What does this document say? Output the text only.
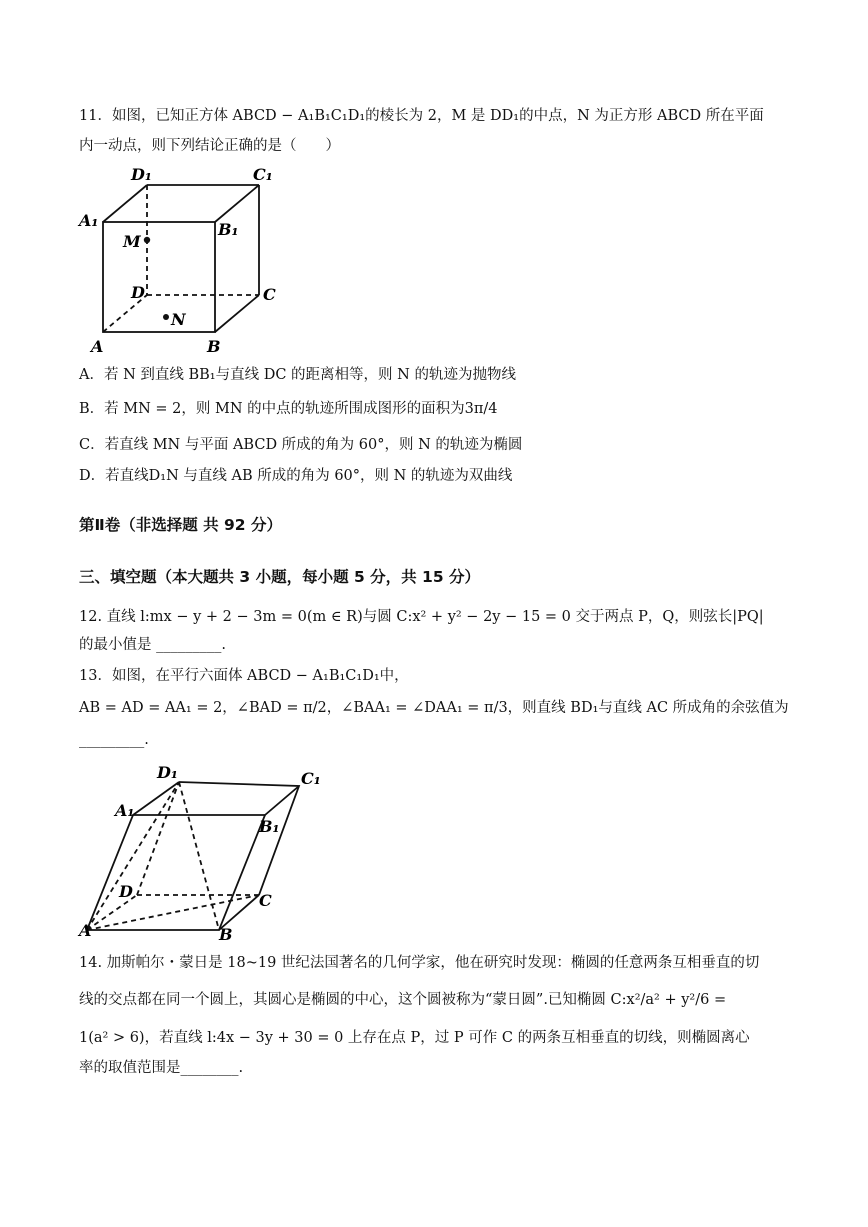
11．如图，已知正方体 ABCD − A₁B₁C₁D₁的棱长为 2，M 是 DD₁的中点，N 为正方形 ABCD 所在平面
内一动点，则下列结论正确的是（　　）
D₁	C₁
A₁	B₁
M
D	C
N
A	B
A．若 N 到直线 BB₁与直线 DC 的距离相等，则 N 的轨迹为抛物线
B．若 MN = 2，则 MN 的中点的轨迹所围成图形的面积为3π/4
C．若直线 MN 与平面 ABCD 所成的角为 60°，则 N 的轨迹为椭圆
D．若直线D₁N 与直线 AB 所成的角为 60°，则 N 的轨迹为双曲线
第Ⅱ卷（非选择题 共 92 分）
三、填空题（本大题共 3 小题，每小题 5 分，共 15 分）
12. 直线 l:mx − y + 2 − 3m = 0(m ∈ R)与圆 C:x² + y² − 2y − 15 = 0 交于两点 P，Q，则弦长|PQ|
的最小值是 _________.
13．如图，在平行六面体 ABCD − A₁B₁C₁D₁中，
AB = AD = AA₁ = 2，∠BAD = π/2，∠BAA₁ = ∠DAA₁ = π/3，则直线 BD₁与直线 AC 所成角的余弦值为
_________.
D₁	C₁
A₁
B₁
D	C
A	B
14. 加斯帕尔・蒙日是 18~19 世纪法国著名的几何学家，他在研究时发现：椭圆的任意两条互相垂直的切
线的交点都在同一个圆上，其圆心是椭圆的中心，这个圆被称为“蒙日圆”.已知椭圆 C:x²/a² + y²/6 =
1(a² > 6)，若直线 l:4x − 3y + 30 = 0 上存在点 P，过 P 可作 C 的两条互相垂直的切线，则椭圆离心
率的取值范围是________.
